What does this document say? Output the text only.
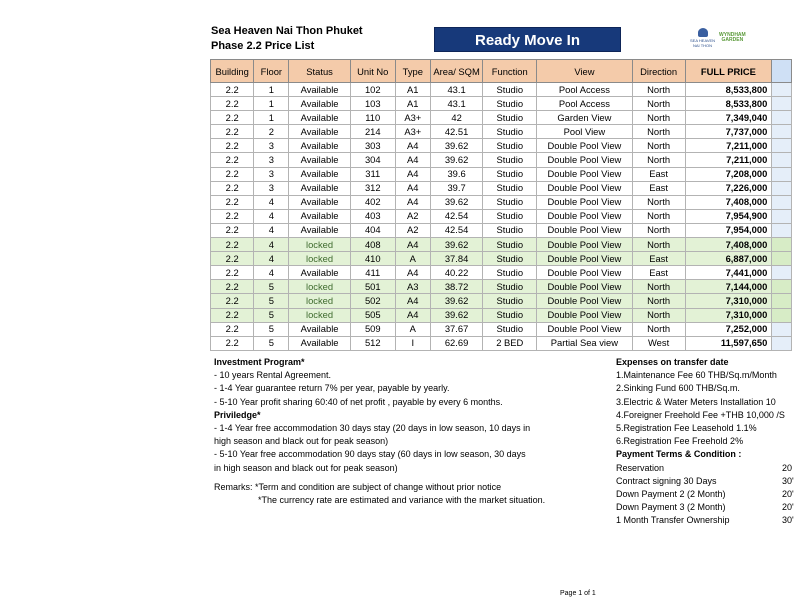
Sea Heaven Nai Thon Phuket
Phase 2.2 Price List	Ready Move In	SEA HEAVEN
NAI THON
WYNDHAM
GARDEN
Building	Floor	Status	Unit No	Type	Area/ SQM	Function	View	Direction	FULL PRICE	
2.2	1	Available	102	A1	43.1	Studio	Pool Access	North	8,533,800	
2.2	1	Available	103	A1	43.1	Studio	Pool Access	North	8,533,800	
2.2	1	Available	110	A3+	42	Studio	Garden View	North	7,349,040	
2.2	2	Available	214	A3+	42.51	Studio	Pool View	North	7,737,000	
2.2	3	Available	303	A4	39.62	Studio	Double Pool View	North	7,211,000	
2.2	3	Available	304	A4	39.62	Studio	Double Pool View	North	7,211,000	
2.2	3	Available	311	A4	39.6	Studio	Double Pool View	East	7,208,000	
2.2	3	Available	312	A4	39.7	Studio	Double Pool View	East	7,226,000	
2.2	4	Available	402	A4	39.62	Studio	Double Pool View	North	7,408,000	
2.2	4	Available	403	A2	42.54	Studio	Double Pool View	North	7,954,900	
2.2	4	Available	404	A2	42.54	Studio	Double Pool View	North	7,954,000	
2.2	4	locked	408	A4	39.62	Studio	Double Pool View	North	7,408,000	
2.2	4	locked	410	A	37.84	Studio	Double Pool View	East	6,887,000	
2.2	4	Available	411	A4	40.22	Studio	Double Pool View	East	7,441,000	
2.2	5	locked	501	A3	38.72	Studio	Double Pool View	North	7,144,000	
2.2	5	locked	502	A4	39.62	Studio	Double Pool View	North	7,310,000	
2.2	5	locked	505	A4	39.62	Studio	Double Pool View	North	7,310,000	
2.2	5	Available	509	A	37.67	Studio	Double Pool View	North	7,252,000	
2.2	5	Available	512	I	62.69	2 BED	Partial Sea view	West	11,597,650	
Investment Program*
- 10 years Rental Agreement.
- 1-4 Year guarantee return 7% per year, payable by yearly.
- 5-10 Year profit sharing 60:40 of net profit , payable by every 6 months.
Priviledge*
- 1-4 Year free accommodation 30 days stay (20 days in low season, 10 days in
high season and black out for peak season)
- 5-10 Year free accommodation 90 days stay (60 days in low season, 30 days
in high season and black out for peak season)
Remarks: *Term and condition are subject of change without prior notice
*The currency rate are estimated and variance with the market situation.
Expenses on transfer date
1.Maintenance Fee 60 THB/Sq.m/Month
2.Sinking Fund 600 THB/Sq.m.
3.Electric & Water Meters Installation 10
4.Foreigner Freehold Fee +THB 10,000 /S
5.Registration Fee Leasehold 1.1%
6.Registration Fee Freehold 2%
Payment Terms & Condition :
Reservation	20
Contract signing 30 Days	30'
Down Payment 2 (2 Month)	20'
Down Payment 3 (2 Month)	20'
1 Month Transfer Ownership	30'
Page 1 of 1
